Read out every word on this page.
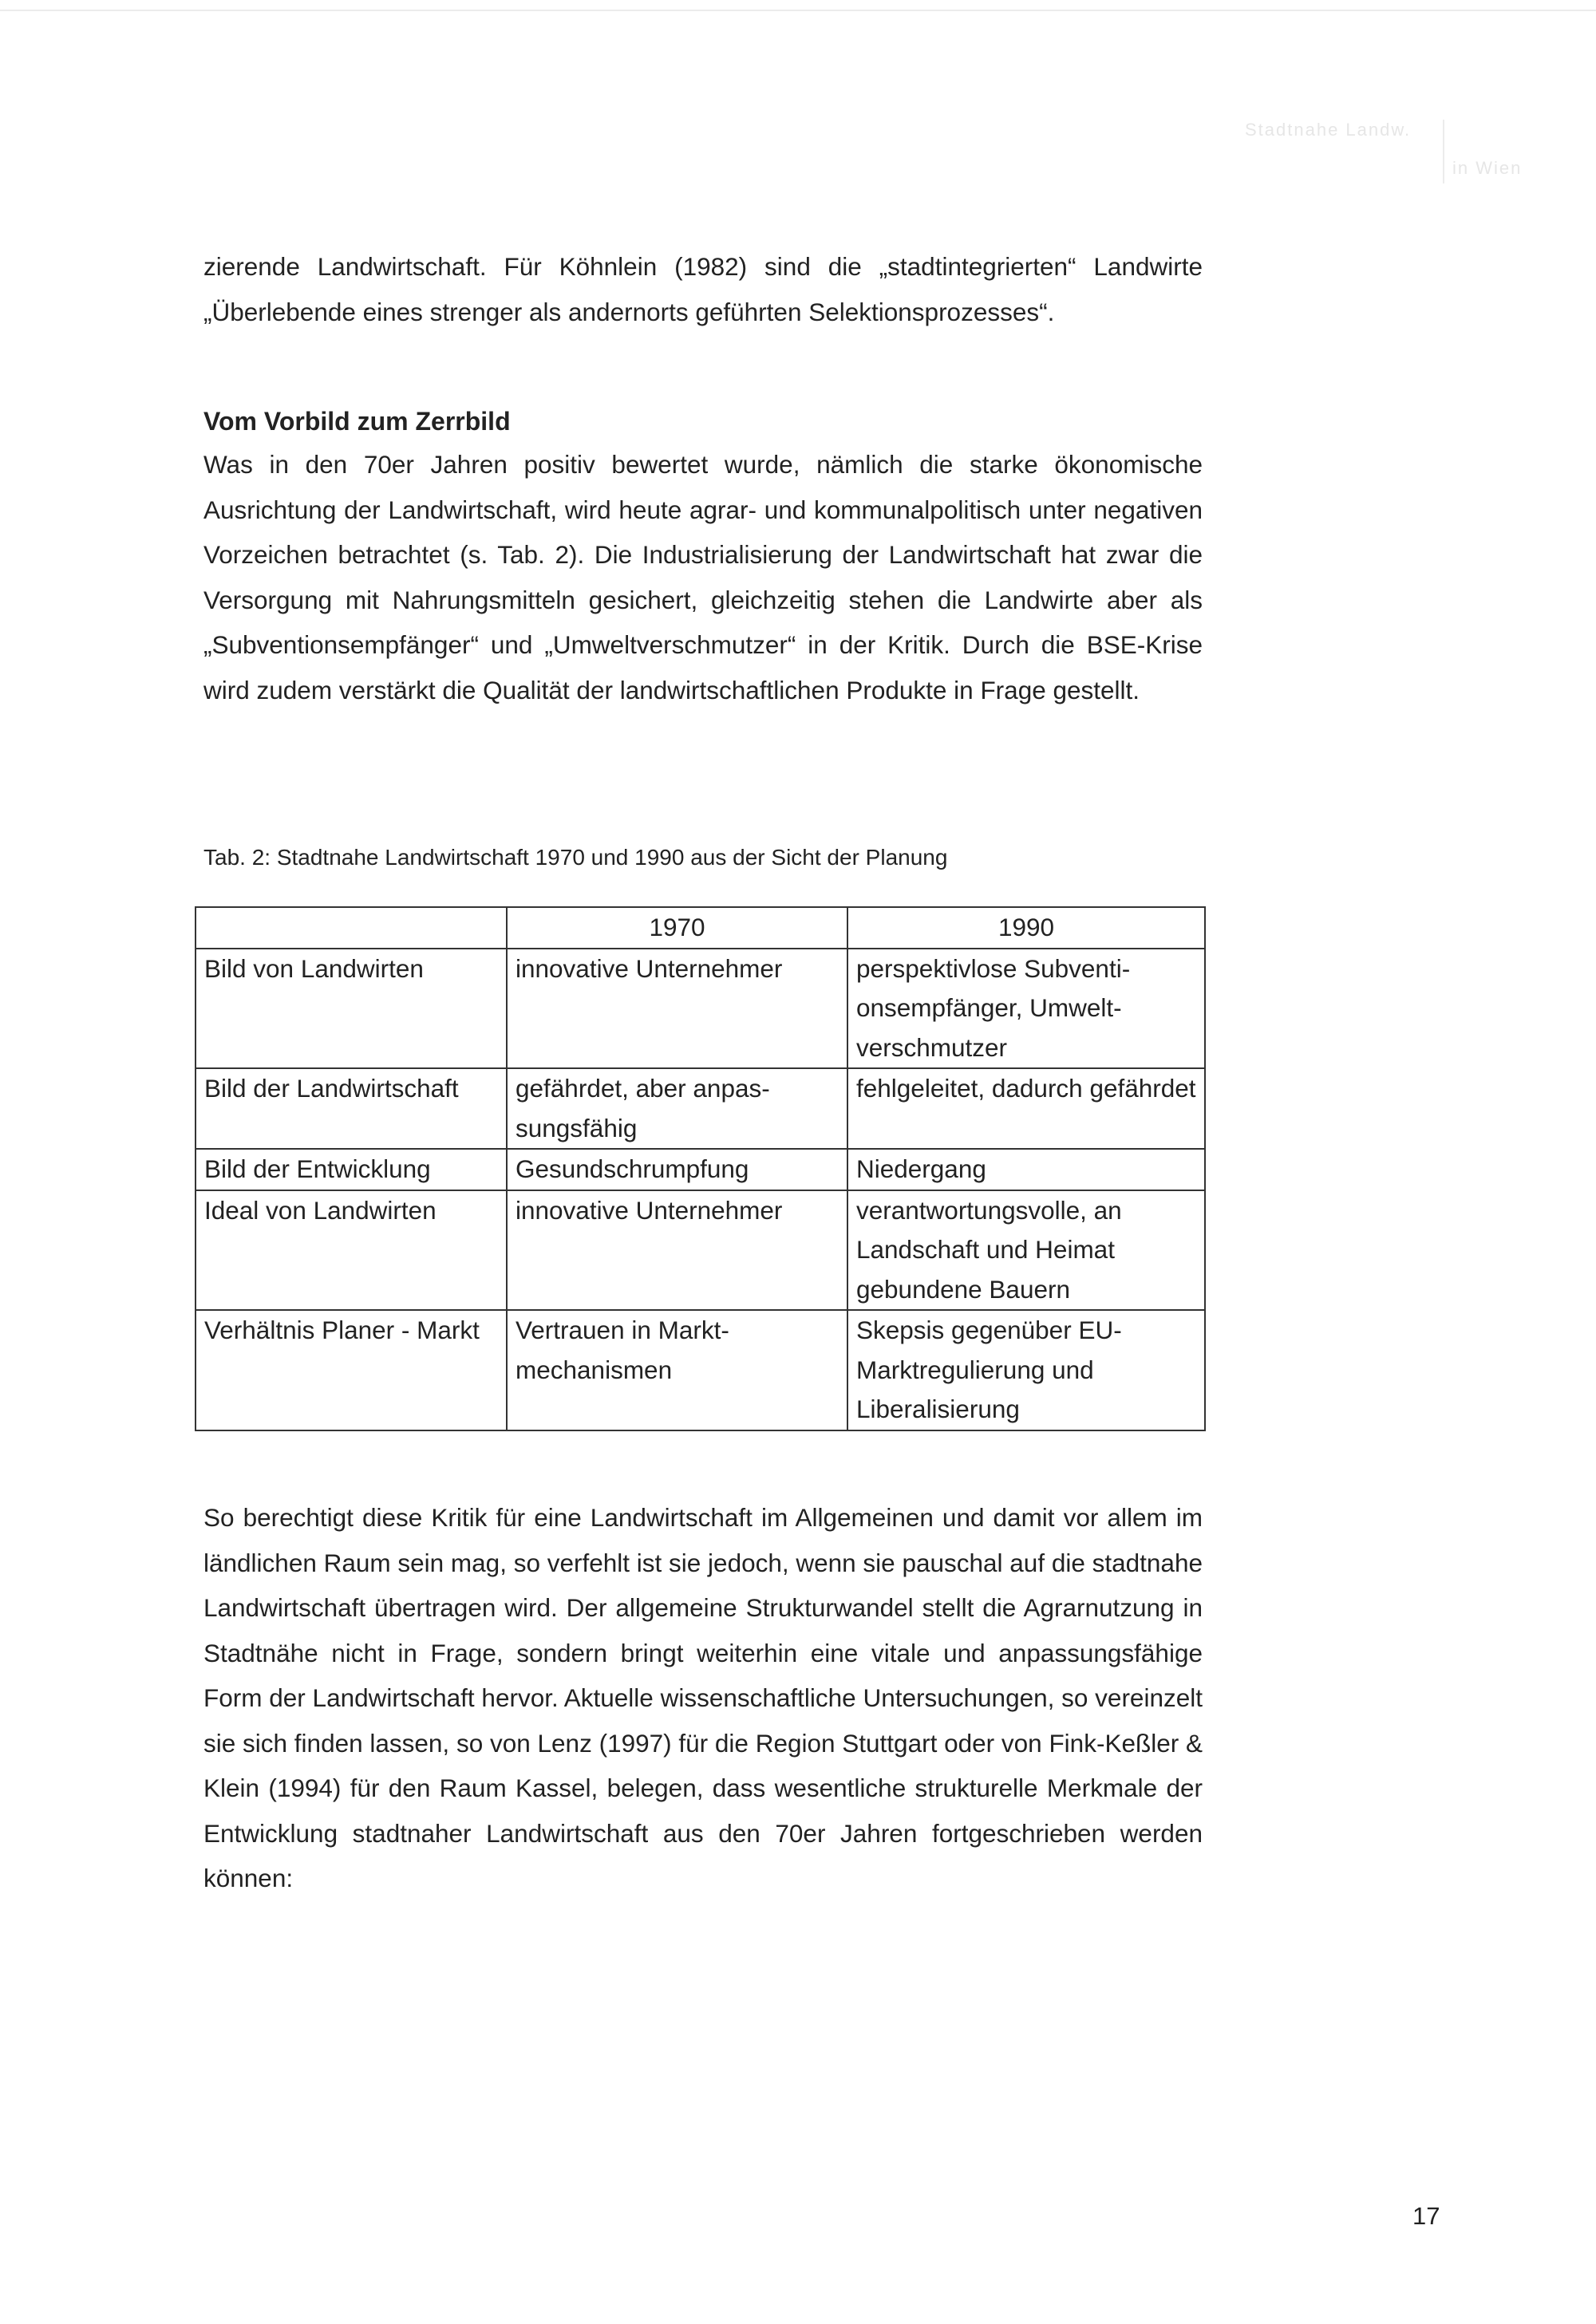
Stadtnahe Landw.
in Wien

zierende Landwirtschaft. Für Köhnlein (1982) sind die „stadtintegrierten“ Landwirte „Überlebende eines strenger als andernorts geführten Selektionsprozesses“.

Vom Vorbild zum Zerrbild

Was in den 70er Jahren positiv bewertet wurde, nämlich die starke ökonomische Ausrichtung der Landwirtschaft, wird heute agrar- und kommunalpolitisch unter negativen Vorzeichen betrachtet (s. Tab. 2). Die Industrialisierung der Landwirtschaft hat zwar die Versorgung mit Nahrungsmitteln gesichert, gleichzeitig stehen die Landwirte aber als „Subventionsempfänger“ und „Umweltverschmutzer“ in der Kritik. Durch die BSE-Krise wird zudem verstärkt die Qualität der landwirtschaftlichen Produkte in Frage gestellt.

Tab. 2: Stadtnahe Landwirtschaft 1970 und 1990 aus der Sicht der Planung
	1970	1990
Bild von Landwirten	innovative Unternehmer	perspektivlose Subventionsempfänger, Umweltverschmutzer
Bild der Landwirtschaft	gefährdet, aber anpassungsfähig	fehlgeleitet, dadurch gefährdet
Bild der Entwicklung	Gesundschrumpfung	Niedergang
Ideal von Landwirten	innovative Unternehmer	verantwortungsvolle, an Landschaft und Heimat gebundene Bauern
Verhältnis Planer - Markt	Vertrauen in Marktmechanismen	Skepsis gegenüber EU-Marktregulierung und Liberalisierung

So berechtigt diese Kritik für eine Landwirtschaft im Allgemeinen und damit vor allem im ländlichen Raum sein mag, so verfehlt ist sie jedoch, wenn sie pauschal auf die stadtnahe Landwirtschaft übertragen wird. Der allgemeine Strukturwandel stellt die Agrarnutzung in Stadtnähe nicht in Frage, sondern bringt weiterhin eine vitale und anpassungsfähige Form der Landwirtschaft hervor. Aktuelle wissenschaftliche Untersuchungen, so vereinzelt sie sich finden lassen, so von Lenz (1997) für die Region Stuttgart oder von Fink-Keßler & Klein (1994) für den Raum Kassel, belegen, dass wesentliche strukturelle Merkmale der Entwicklung stadtnaher Landwirtschaft aus den 70er Jahren fortgeschrieben werden können:

17
